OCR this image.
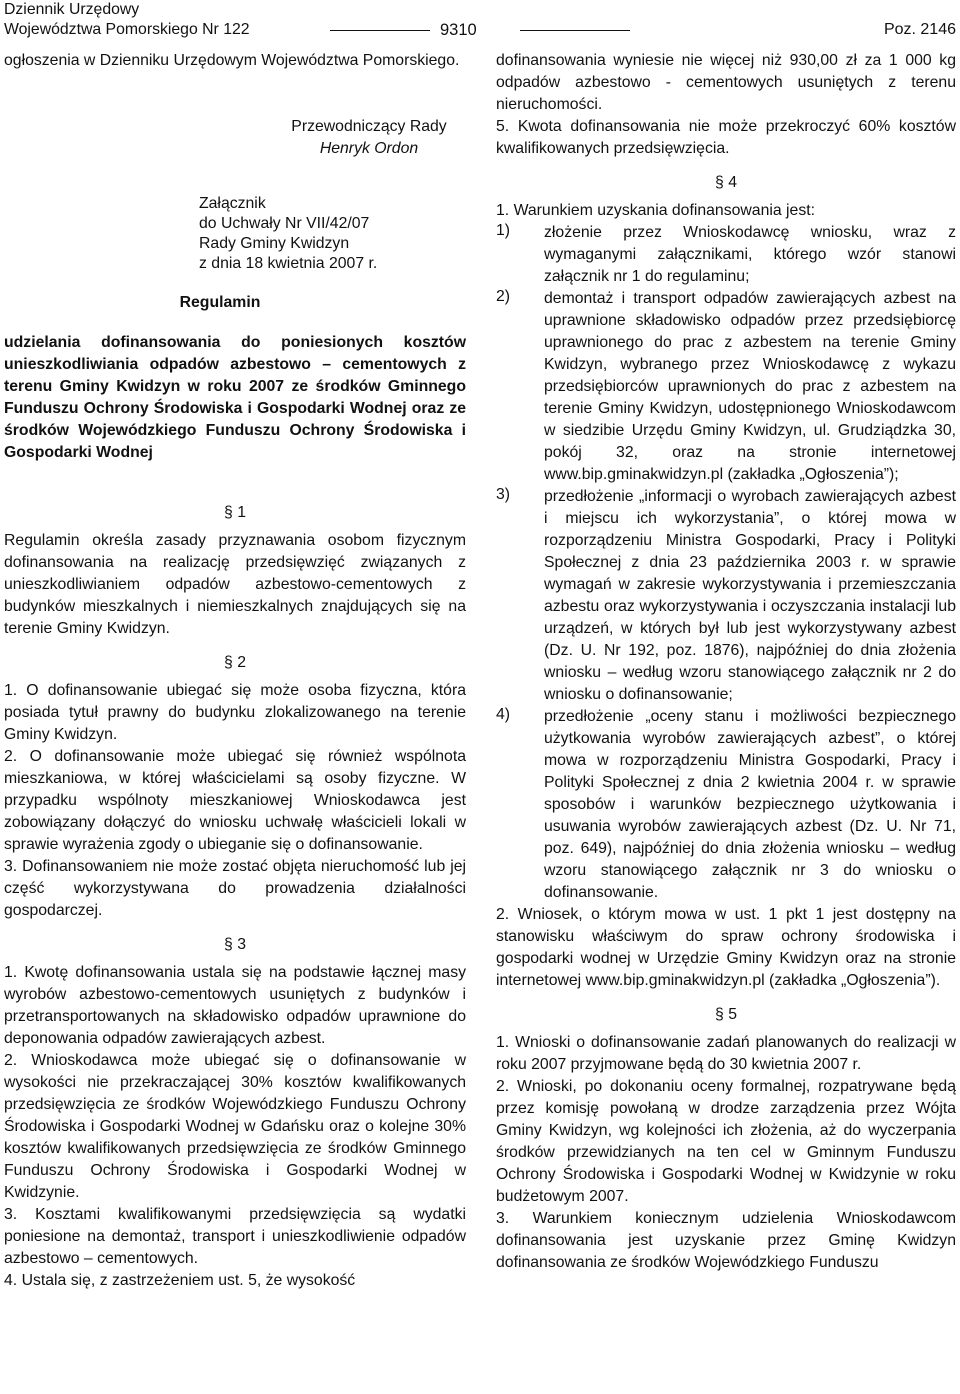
Dziennik Urzędowy
Województwa Pomorskiego Nr 122	9310	Poz. 2146

ogłoszenia w Dzienniku Urzędowym Województwa Pomorskiego.

Przewodniczący Rady

Henryk Ordon

Załącznik

do Uchwały Nr VII/42/07

Rady Gminy Kwidzyn

z dnia 18 kwietnia 2007 r.

Regulamin

udzielania dofinansowania do poniesionych kosztów unieszkodliwiania odpadów azbestowo – cementowych z terenu Gminy Kwidzyn w roku 2007 ze środków Gminnego Funduszu Ochrony Środowiska i Gospodarki Wodnej oraz ze środków Wojewódzkiego Funduszu Ochrony Środowiska i Gospodarki Wodnej

§ 1

Regulamin określa zasady przyznawania osobom fizycznym dofinansowania na realizację przedsięwzięć związanych z unieszkodliwianiem odpadów azbestowo-cementowych z budynków mieszkalnych i niemieszkalnych znajdujących się na terenie Gminy Kwidzyn.

§ 2

1. O dofinansowanie ubiegać się może osoba fizyczna, która posiada tytuł prawny do budynku zlokalizowanego na terenie Gminy Kwidzyn.

2. O dofinansowanie może ubiegać się również wspólnota mieszkaniowa, w której właścicielami są osoby fizyczne. W przypadku wspólnoty mieszkaniowej Wnioskodawca jest zobowiązany dołączyć do wniosku uchwałę właścicieli lokali w sprawie wyrażenia zgody o ubieganie się o dofinansowanie.

3. Dofinansowaniem nie może zostać objęta nieruchomość lub jej część wykorzystywana do prowadzenia działalności gospodarczej.

§ 3

1. Kwotę dofinansowania ustala się na podstawie łącznej masy wyrobów azbestowo-cementowych usuniętych z budynków i przetransportowanych na składowisko odpadów uprawnione do deponowania odpadów zawierających azbest.

2. Wnioskodawca może ubiegać się o dofinansowanie w wysokości nie przekraczającej 30% kosztów kwalifikowanych przedsięwzięcia ze środków Wojewódzkiego Funduszu Ochrony Środowiska i Gospodarki Wodnej w Gdańsku oraz o kolejne 30% kosztów kwalifikowanych przedsięwzięcia ze środków Gminnego Funduszu Ochrony Środowiska i Gospodarki Wodnej w Kwidzynie.

3. Kosztami kwalifikowanymi przedsięwzięcia są wydatki poniesione na demontaż, transport i unieszkodliwienie odpadów azbestowo – cementowych.

4. Ustala się, z zastrzeżeniem ust. 5, że wysokość

dofinansowania wyniesie nie więcej niż 930,00 zł za 1 000 kg odpadów azbestowo - cementowych usuniętych z terenu nieruchomości.

5. Kwota dofinansowania nie może przekroczyć 60% kosztów kwalifikowanych przedsięwzięcia.

§ 4

1. Warunkiem uzyskania dofinansowania jest:

1) złożenie przez Wnioskodawcę wniosku, wraz z wymaganymi załącznikami, którego wzór stanowi załącznik nr 1 do regulaminu;

2) demontaż i transport odpadów zawierających azbest na uprawnione składowisko odpadów przez przedsiębiorcę uprawnionego do prac z azbestem na terenie Gminy Kwidzyn, wybranego przez Wnioskodawcę z wykazu przedsiębiorców uprawnionych do prac z azbestem na terenie Gminy Kwidzyn, udostępnionego Wnioskodawcom w siedzibie Urzędu Gminy Kwidzyn, ul. Grudziądzka 30, pokój 32, oraz na stronie internetowej www.bip.gminakwidzyn.pl (zakładka „Ogłoszenia”);

3) przedłożenie „informacji o wyrobach zawierających azbest i miejscu ich wykorzystania”, o której mowa w rozporządzeniu Ministra Gospodarki, Pracy i Polityki Społecznej z dnia 23 października 2003 r. w sprawie wymagań w zakresie wykorzystywania i przemieszczania azbestu oraz wykorzystywania i oczyszczania instalacji lub urządzeń, w których był lub jest wykorzystywany azbest (Dz. U. Nr 192, poz. 1876), najpóźniej do dnia złożenia wniosku – według wzoru stanowiącego załącznik nr 2 do wniosku o dofinansowanie;

4) przedłożenie „oceny stanu i możliwości bezpiecznego użytkowania wyrobów zawierających azbest”, o której mowa w rozporządzeniu Ministra Gospodarki, Pracy i Polityki Społecznej z dnia 2 kwietnia 2004 r. w sprawie sposobów i warunków bezpiecznego użytkowania i usuwania wyrobów zawierających azbest (Dz. U. Nr 71, poz. 649), najpóźniej do dnia złożenia wniosku – według wzoru stanowiącego załącznik nr 3 do wniosku o dofinansowanie.

2. Wniosek, o którym mowa w ust. 1 pkt 1 jest dostępny na stanowisku właściwym do spraw ochrony środowiska i gospodarki wodnej w Urzędzie Gminy Kwidzyn oraz na stronie internetowej www.bip.gminakwidzyn.pl (zakładka „Ogłoszenia”).

§ 5

1. Wnioski o dofinansowanie zadań planowanych do realizacji w roku 2007 przyjmowane będą do 30 kwietnia 2007 r.

2. Wnioski, po dokonaniu oceny formalnej, rozpatrywane będą przez komisję powołaną w drodze zarządzenia przez Wójta Gminy Kwidzyn, wg kolejności ich złożenia, aż do wyczerpania środków przewidzianych na ten cel w Gminnym Funduszu Ochrony Środowiska i Gospodarki Wodnej w Kwidzynie w roku budżetowym 2007.

3. Warunkiem koniecznym udzielenia Wnioskodawcom dofinansowania jest uzyskanie przez Gminę Kwidzyn dofinansowania ze środków Wojewódzkiego Funduszu
